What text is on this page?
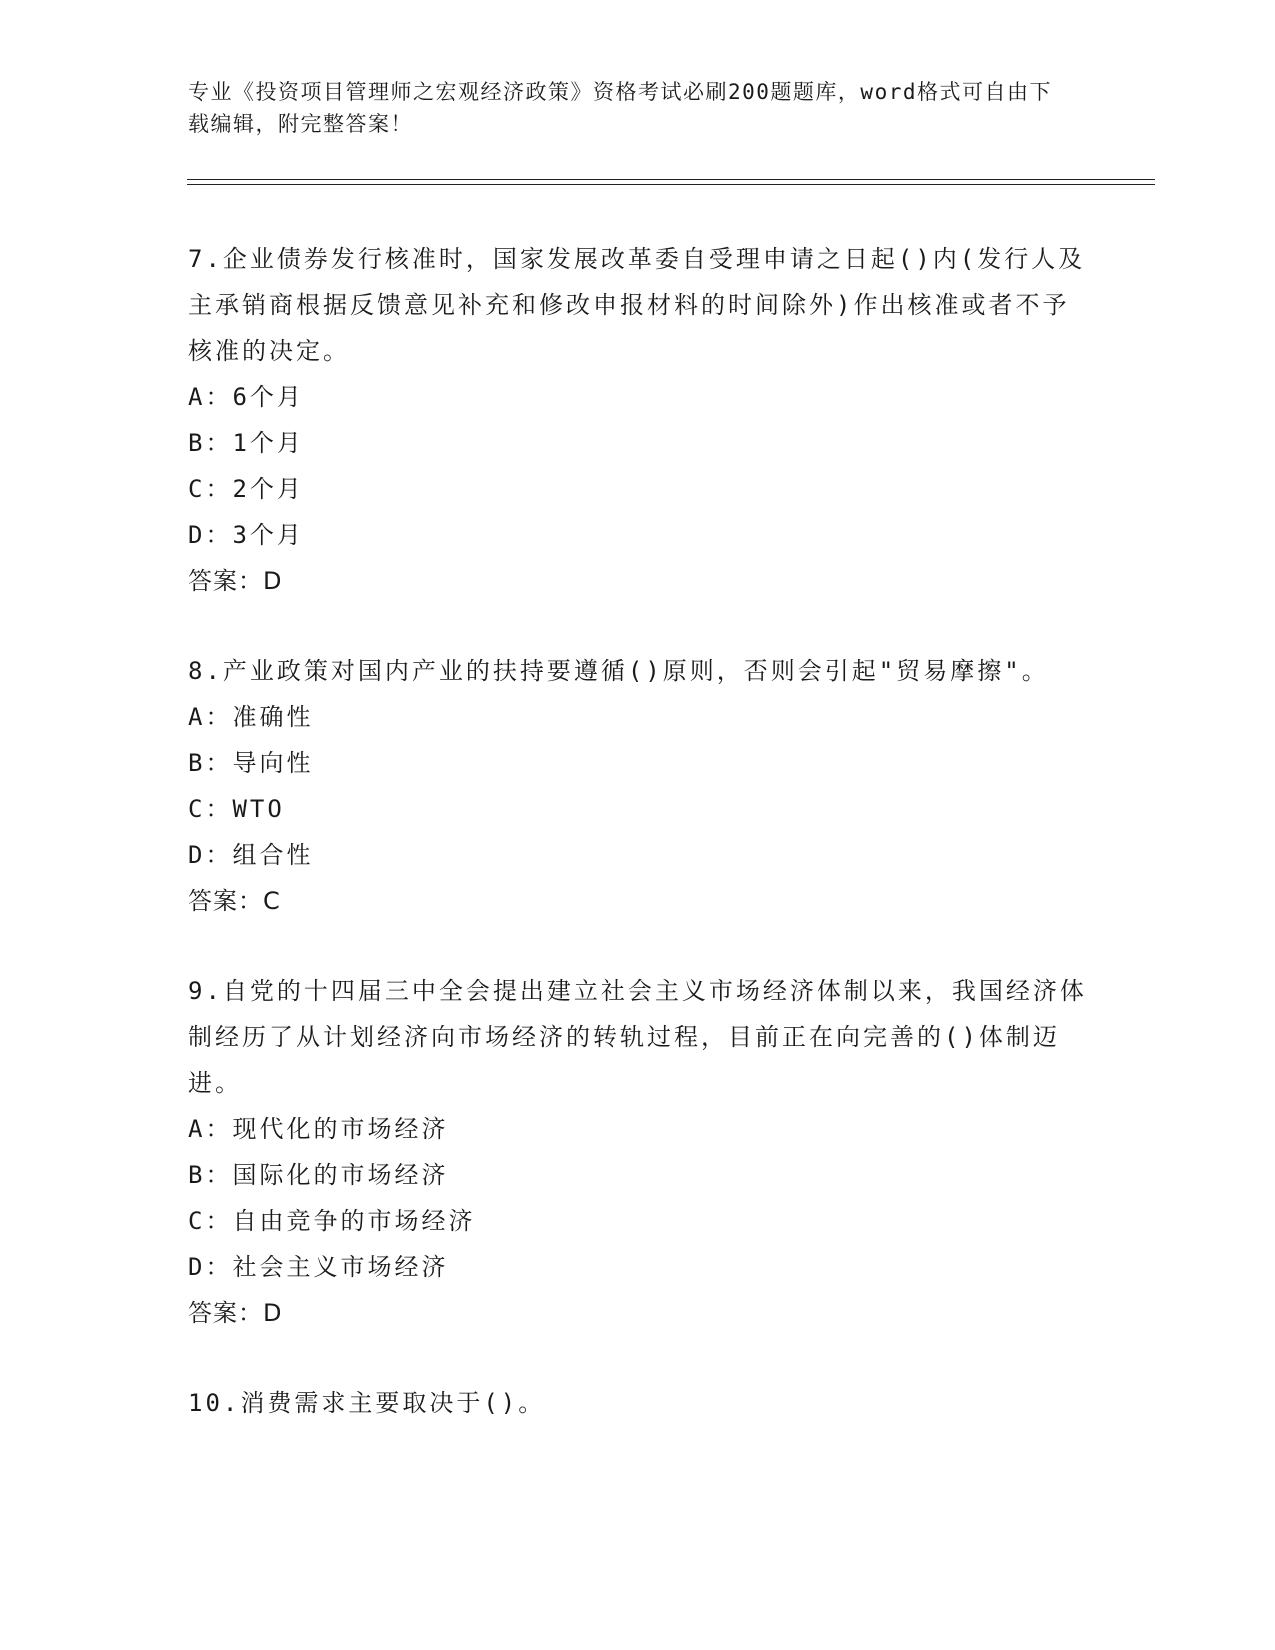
专业《投资项目管理师之宏观经济政策》资格考试必刷200题题库，word格式可自由下载编辑，附完整答案！
7.企业债券发行核准时，国家发展改革委自受理申请之日起()内(发行人及主承销商根据反馈意见补充和修改申报材料的时间除外)作出核准或者不予核准的决定。
A：6个月
B：1个月
C：2个月
D：3个月
答案：D
8.产业政策对国内产业的扶持要遵循()原则，否则会引起"贸易摩擦"。
A：准确性
B：导向性
C：WTO
D：组合性
答案：C
9.自党的十四届三中全会提出建立社会主义市场经济体制以来，我国经济体制经历了从计划经济向市场经济的转轨过程，目前正在向完善的()体制迈进。
A：现代化的市场经济
B：国际化的市场经济
C：自由竞争的市场经济
D：社会主义市场经济
答案：D
10.消费需求主要取决于()。
